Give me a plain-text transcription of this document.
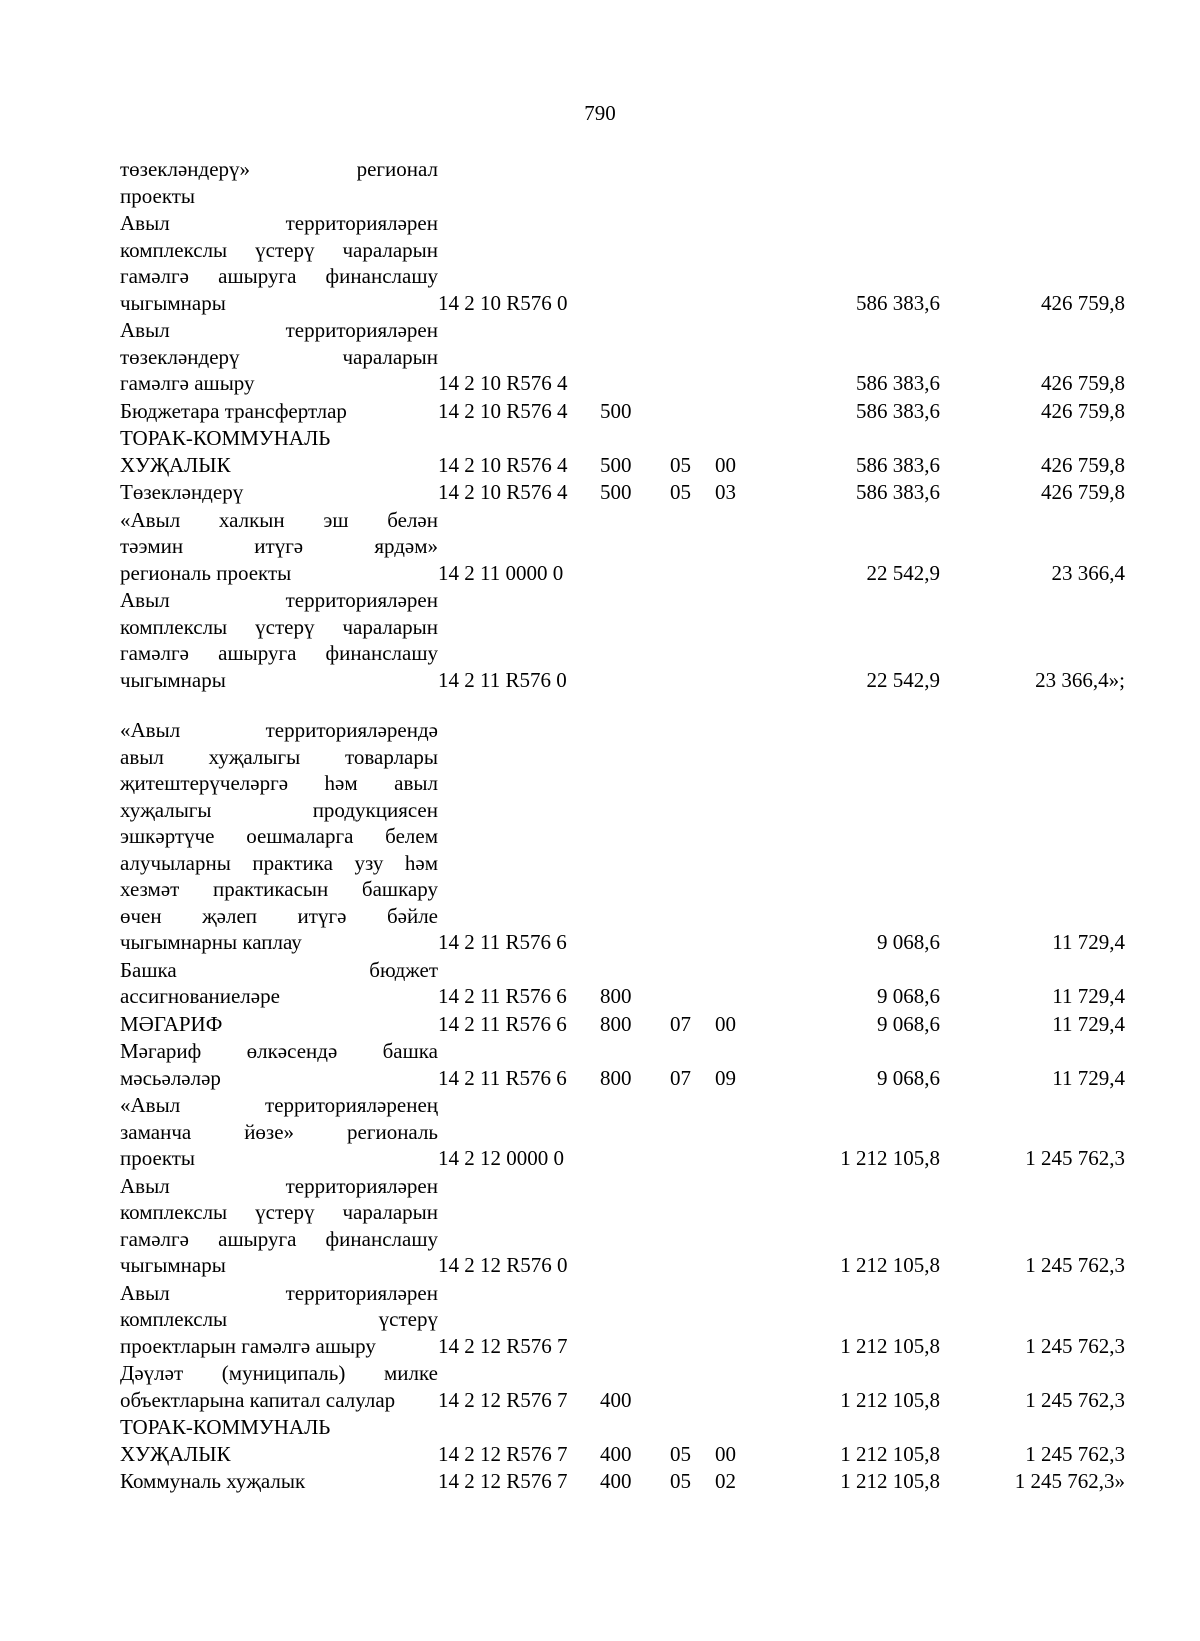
790
төзекләндерү» регионал
проекты
Авыл территорияләрен
комплекслы үстерү чараларын
гамәлгә ашыруга финанслашу
чыгымнары	14 2 10 R576 0	586 383,6	426 759,8
Авыл территорияләрен
төзекләндерү чараларын
гамәлгә ашыру	14 2 10 R576 4	586 383,6	426 759,8
Бюджетара трансфертлар	14 2 10 R576 4	500	586 383,6	426 759,8
ТОРАК-КОММУНАЛЬ
ХУҖАЛЫК	14 2 10 R576 4	500	05	00	586 383,6	426 759,8
Төзекләндерү	14 2 10 R576 4	500	05	03	586 383,6	426 759,8
«Авыл халкын эш белән
тәэмин итүгә ярдәм»
региональ проекты	14 2 11 0000 0	22 542,9	23 366,4
Авыл территорияләрен
комплекслы үстерү чараларын
гамәлгә ашыруга финанслашу
чыгымнары	14 2 11 R576 0	22 542,9	23 366,4»;
«Авыл территорияләрендә
авыл хуҗалыгы товарлары
җитештерүчеләргә һәм авыл
хуҗалыгы продукциясен
эшкәртүче оешмаларга белем
алучыларны практика узу һәм
хезмәт практикасын башкару
өчен җәлеп итүгә бәйле
чыгымнарны каплау	14 2 11 R576 6	9 068,6	11 729,4
Башка бюджет
ассигнованиеләре	14 2 11 R576 6	800	9 068,6	11 729,4
МӘГАРИФ	14 2 11 R576 6	800	07	00	9 068,6	11 729,4
Мәгариф өлкәсендә башка
мәсьәләләр	14 2 11 R576 6	800	07	09	9 068,6	11 729,4
«Авыл территорияләренең
заманча йөзе» региональ
проекты	14 2 12 0000 0	1 212 105,8	1 245 762,3
Авыл территорияләрен
комплекслы үстерү чараларын
гамәлгә ашыруга финанслашу
чыгымнары	14 2 12 R576 0	1 212 105,8	1 245 762,3
Авыл территорияләрен
комплекслы үстерү
проектларын гамәлгә ашыру	14 2 12 R576 7	1 212 105,8	1 245 762,3
Дәүләт (муниципаль) милке
объектларына капитал салулар	14 2 12 R576 7	400	1 212 105,8	1 245 762,3
ТОРАК-КОММУНАЛЬ
ХУҖАЛЫК	14 2 12 R576 7	400	05	00	1 212 105,8	1 245 762,3
Коммуналь хуҗалык	14 2 12 R576 7	400	05	02	1 212 105,8	1 245 762,3»
